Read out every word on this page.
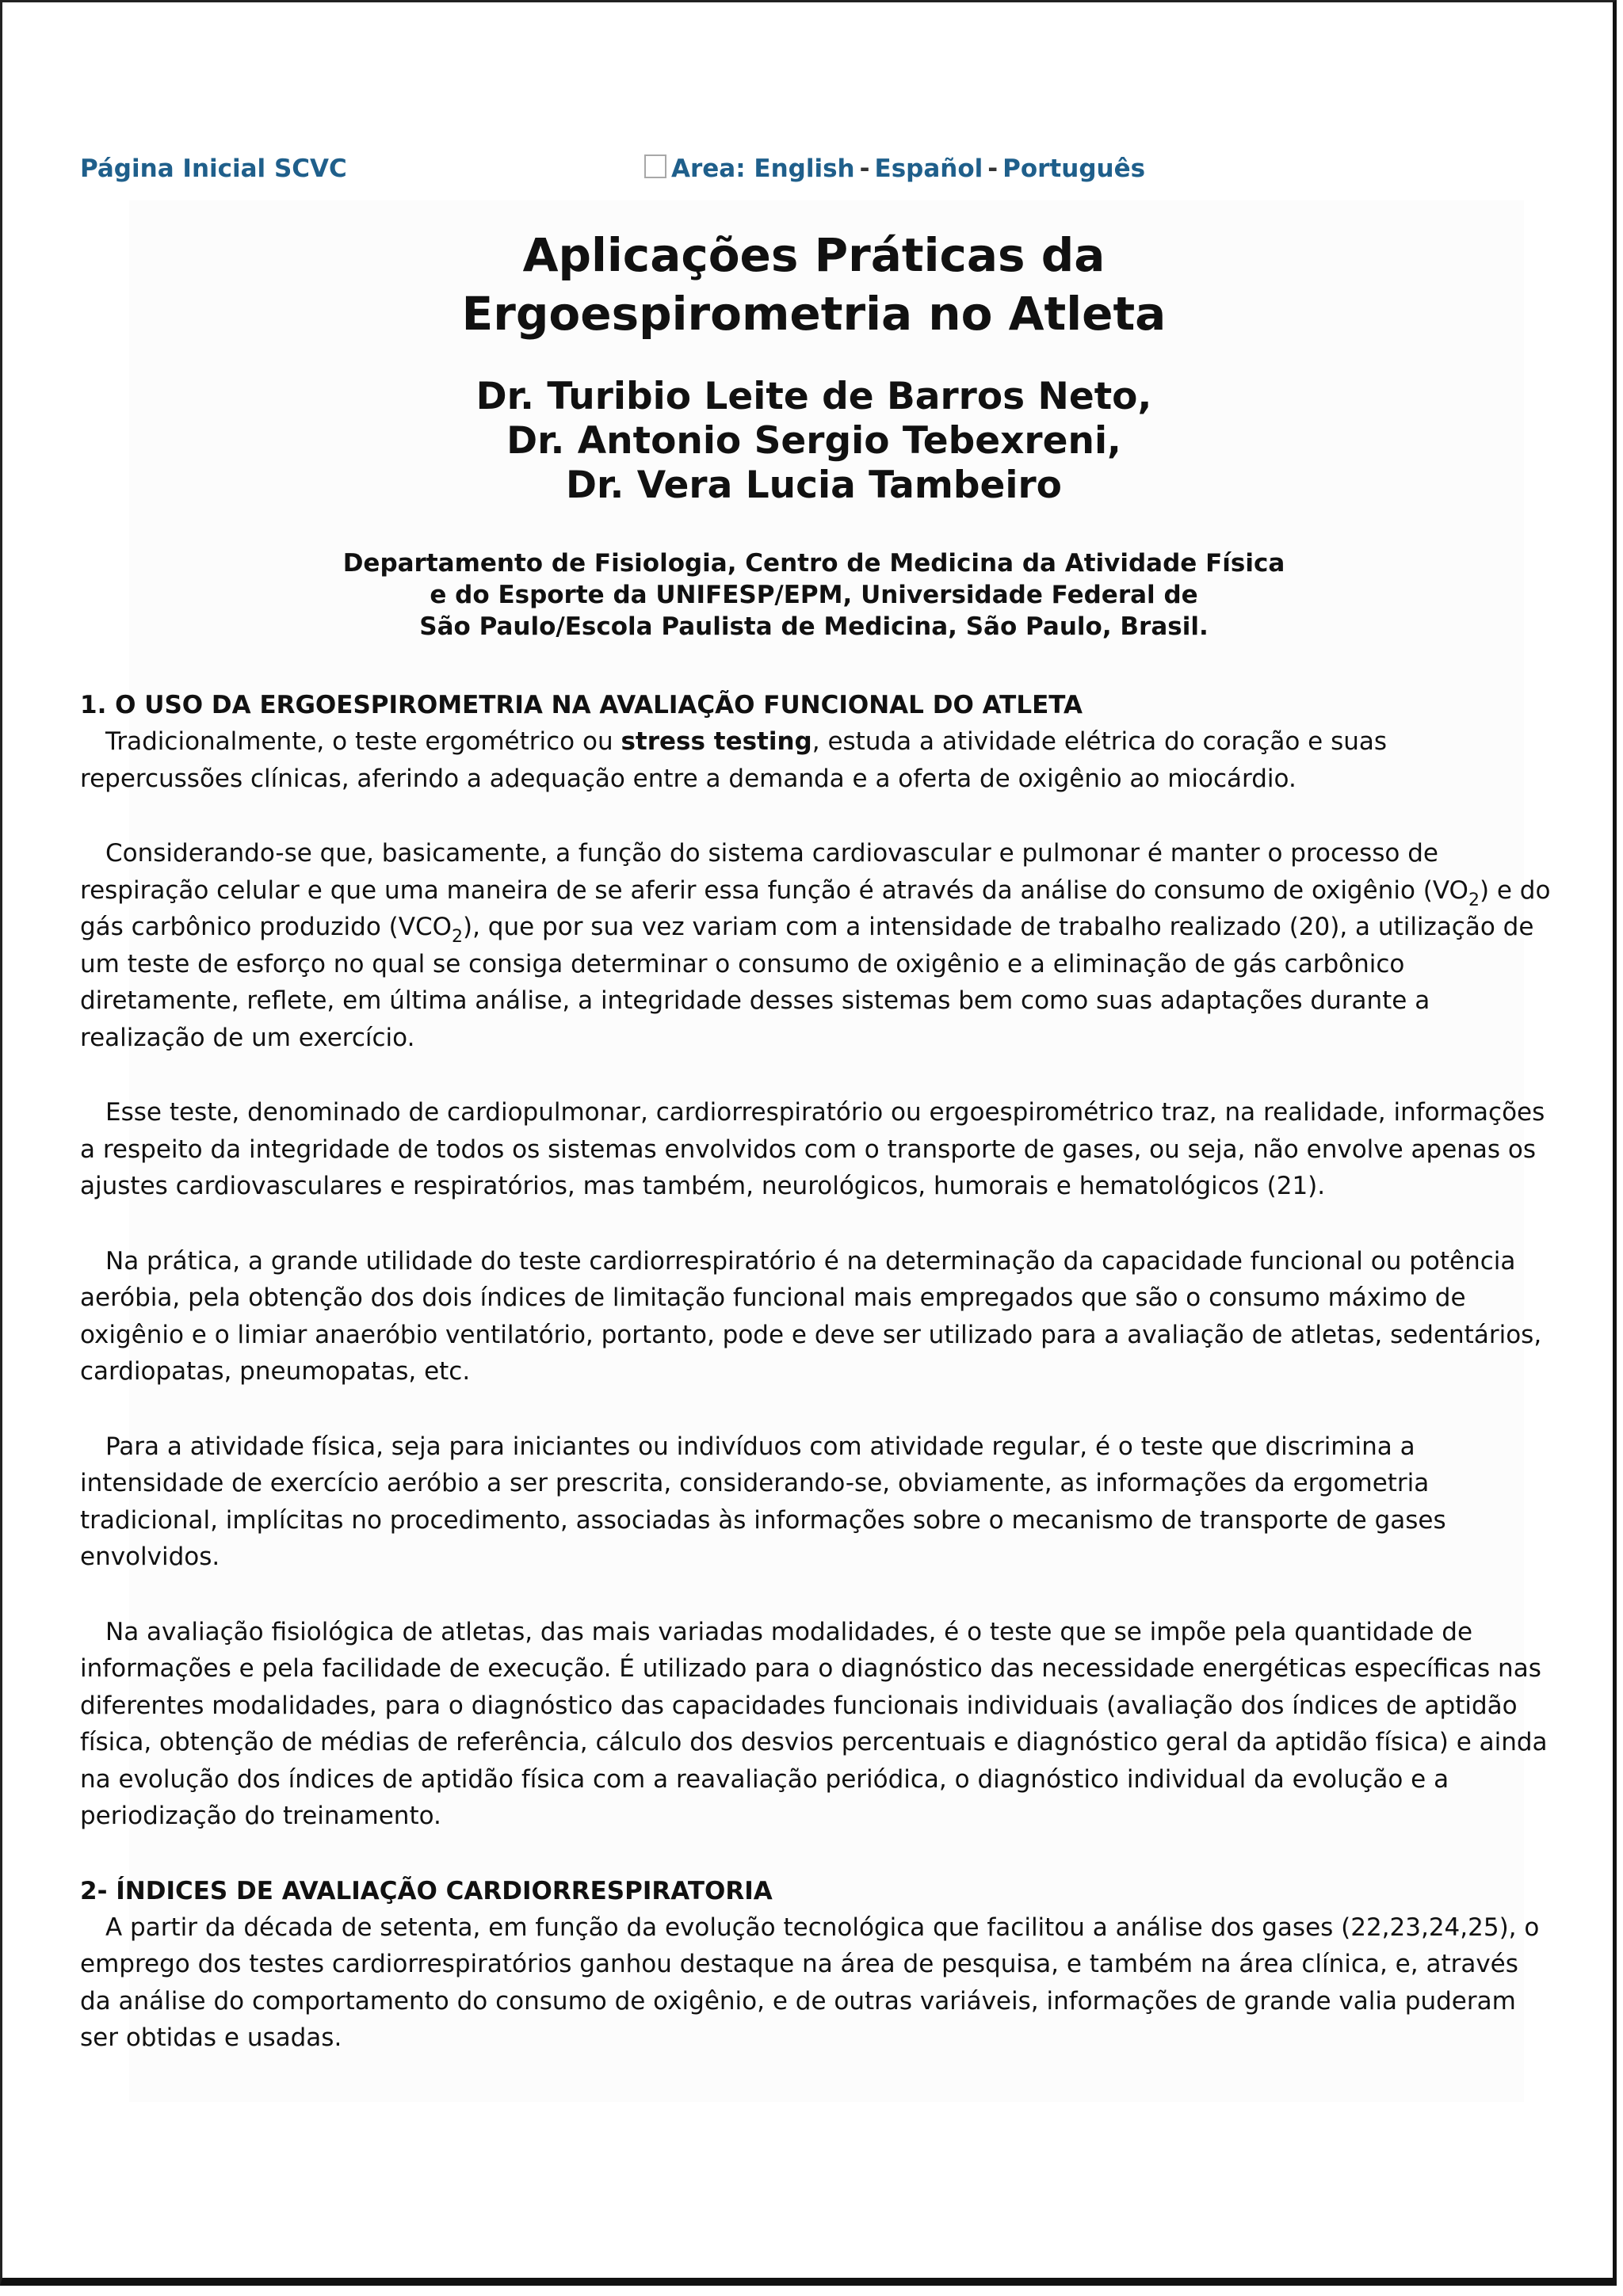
Página Inicial SCVC	Area: English - Español - Português
Aplicações Práticas da
Ergoespirometria no Atleta
Dr. Turibio Leite de Barros Neto,
Dr. Antonio Sergio Tebexreni,
Dr. Vera Lucia Tambeiro
Departamento de Fisiologia, Centro de Medicina da Atividade Física
e do Esporte da UNIFESP/EPM, Universidade Federal de
São Paulo/Escola Paulista de Medicina, São Paulo, Brasil.
1. O USO DA ERGOESPIROMETRIA NA AVALIAÇÃO FUNCIONAL DO ATLETA

Tradicionalmente, o teste ergométrico ou stress testing, estuda a atividade elétrica do coração e suas repercussões clínicas, aferindo a adequação entre a demanda e a oferta de oxigênio ao miocárdio.

Considerando-se que, basicamente, a função do sistema cardiovascular e pulmonar é manter o processo de respiração celular e que uma maneira de se aferir essa função é através da análise do consumo de oxigênio $(VO_2)$ e do gás carbônico produzido $(VCO_2)$, que por sua vez variam com a intensidade de trabalho realizado (20), a utilização de um teste de esforço no qual se consiga determinar o consumo de oxigênio e a eliminação de gás carbônico diretamente, reflete, em última análise, a integridade desses sistemas bem como suas adaptações durante a realização de um exercício.

Esse teste, denominado de cardiopulmonar, cardiorrespiratório ou ergoespirométrico traz, na realidade, informações a respeito da integridade de todos os sistemas envolvidos com o transporte de gases, ou seja, não envolve apenas os ajustes cardiovasculares e respiratórios, mas também, neurológicos, humorais e hematológicos (21).

Na prática, a grande utilidade do teste cardiorrespiratório é na determinação da capacidade funcional ou potência aeróbia, pela obtenção dos dois índices de limitação funcional mais empregados que são o consumo máximo de oxigênio e o limiar anaeróbio ventilatório, portanto, pode e deve ser utilizado para a avaliação de atletas, sedentários, cardiopatas, pneumopatas, etc.

Para a atividade física, seja para iniciantes ou indivíduos com atividade regular, é o teste que discrimina a intensidade de exercício aeróbio a ser prescrita, considerando-se, obviamente, as informações da ergometria tradicional, implícitas no procedimento, associadas às informações sobre o mecanismo de transporte de gases envolvidos.

Na avaliação fisiológica de atletas, das mais variadas modalidades, é o teste que se impõe pela quantidade de informações e pela facilidade de execução. É utilizado para o diagnóstico das necessidade energéticas específicas nas diferentes modalidades, para o diagnóstico das capacidades funcionais individuais (avaliação dos índices de aptidão física, obtenção de médias de referência, cálculo dos desvios percentuais e diagnóstico geral da aptidão física) e ainda na evolução dos índices de aptidão física com a reavaliação periódica, o diagnóstico individual da evolução e a periodização do treinamento.

2- ÍNDICES DE AVALIAÇÃO CARDIORRESPIRATORIA

A partir da década de setenta, em função da evolução tecnológica que facilitou a análise dos gases (22,23,24,25), o emprego dos testes cardiorrespiratórios ganhou destaque na área de pesquisa, e também na área clínica, e, através da análise do comportamento do consumo de oxigênio, e de outras variáveis, informações de grande valia puderam ser obtidas e usadas.
